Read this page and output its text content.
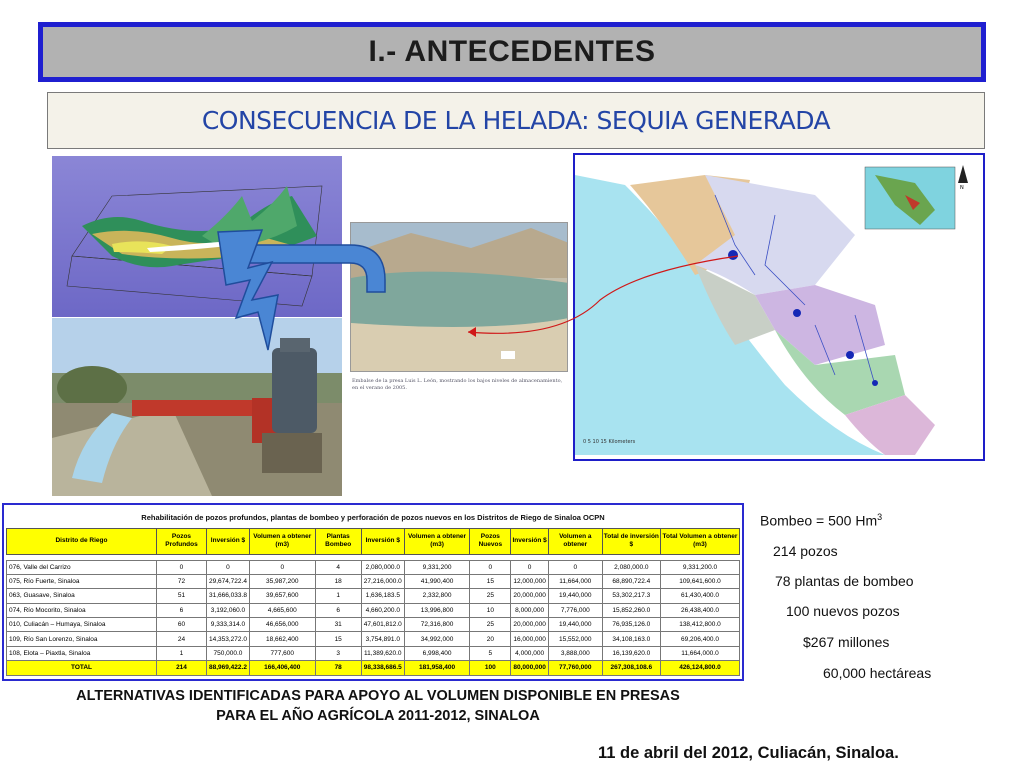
I.- ANTECEDENTES
CONSECUENCIA DE LA HELADA: SEQUIA GENERADA
Embalse de la presa Luis L. León, mostrando los bajos niveles de almacenamiento, en el verano de 2005.
N
0 5 10 15 Kilometers
Rehabilitación de pozos profundos, plantas de bombeo y perforación de pozos nuevos en los Distritos de Riego de Sinaloa OCPN											
Distrito de Riego	Pozos Profundos	Inversión $	Volumen a obtener (m3)	Plantas Bombeo	Inversión $	Volumen a obtener (m3)	Pozos Nuevos	Inversión $	Volumen a obtener	Total de inversión $	Total Volumen a obtener (m3)

076, Valle del Carrizo	0	0	0	4	2,080,000.0	9,331,200	0	0	0	2,080,000.0	9,331,200.0
075, Río Fuerte, Sinaloa	72	29,674,722.4	35,987,200	18	27,216,000.0	41,990,400	15	12,000,000	11,664,000	68,890,722.4	109,641,600.0
063, Guasave, Sinaloa	51	31,666,033.8	39,657,600	1	1,636,183.5	2,332,800	25	20,000,000	19,440,000	53,302,217.3	61,430,400.0
074, Río Mocorito, Sinaloa	6	3,192,060.0	4,665,600	6	4,660,200.0	13,996,800	10	8,000,000	7,776,000	15,852,260.0	26,438,400.0
010, Culiacán – Humaya, Sinaloa	60	9,333,314.0	46,656,000	31	47,601,812.0	72,316,800	25	20,000,000	19,440,000	76,935,126.0	138,412,800.0
109, Río San Lorenzo, Sinaloa	24	14,353,272.0	18,662,400	15	3,754,891.0	34,992,000	20	16,000,000	15,552,000	34,108,163.0	69,206,400.0
108, Elota – Piaxtla, Sinaloa	1	750,000.0	777,600	3	11,389,620.0	6,998,400	5	4,000,000	3,888,000	16,139,620.0	11,664,000.0
TOTAL	214	88,969,422.2	166,406,400	78	98,338,686.5	181,958,400	100	80,000,000	77,760,000	267,308,108.6	426,124,800.0
Bombeo = 500 Hm$^3$
214 pozos
78 plantas de bombeo
100 nuevos pozos
$267 millones
60,000 hectáreas
ALTERNATIVAS IDENTIFICADAS PARA APOYO AL VOLUMEN DISPONIBLE EN PRESAS
PARA EL AÑO AGRÍCOLA 2011-2012, SINALOA
11 de abril del 2012, Culiacán, Sinaloa.
